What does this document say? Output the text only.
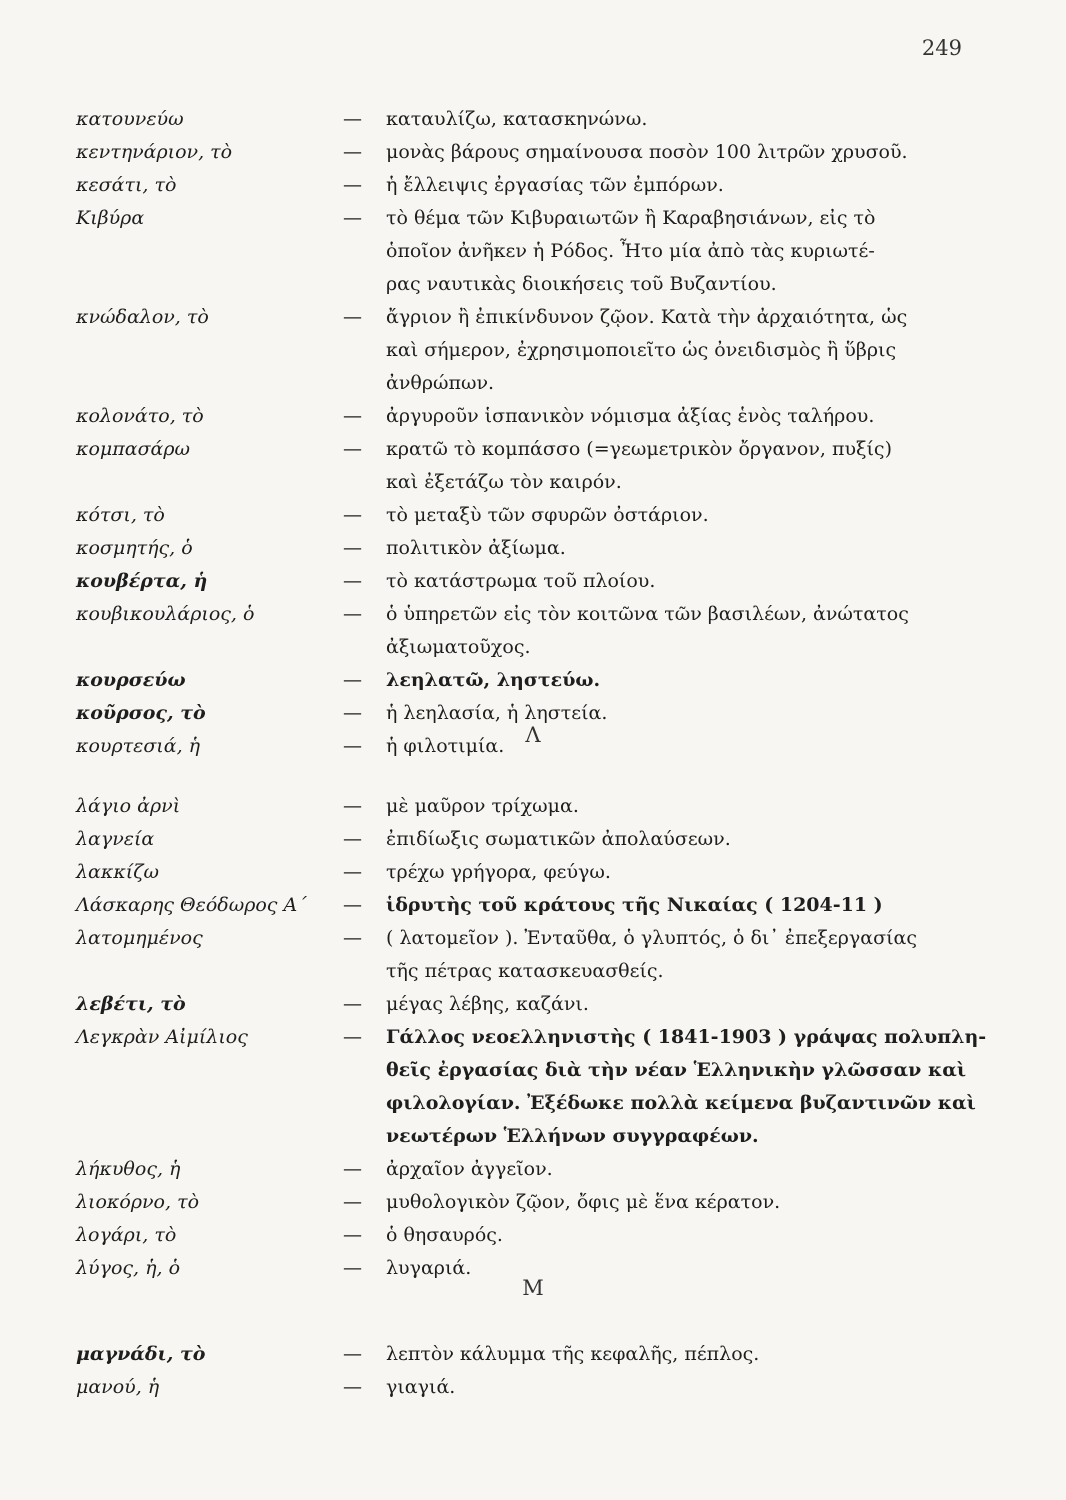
249
κατουνεύω	— καταυλίζω, κατασκηνώνω.
κεντηνάριον, τὸ	— μονὰς βάρους σημαίνουσα ποσὸν 100 λιτρῶν χρυσοῦ.
κεσάτι, τὸ	— ἡ ἔλλειψις ἐργασίας τῶν ἐμπόρων.
Κιβύρα	— τὸ θέμα τῶν Κιβυραιωτῶν ἢ Καραβησιάνων, εἰς τὸ
ὁποῖον ἀνῆκεν ἡ Ρόδος. Ἦτο μία ἀπὸ τὰς κυριωτέ-
ρας ναυτικὰς διοικήσεις τοῦ Βυζαντίου.
κνώδαλον, τὸ	— ἄγριον ἢ ἐπικίνδυνον ζῷον. Κατὰ τὴν ἀρχαιότητα, ὡς
καὶ σήμερον, ἐχρησιμοποιεῖτο ὡς ὀνειδισμὸς ἢ ὕβρις
ἀνθρώπων.
κολονάτο, τὸ	— ἀργυροῦν ἱσπανικὸν νόμισμα ἀξίας ἑνὸς ταλήρου.
κομπασάρω	— κρατῶ τὸ κομπάσσο (=γεωμετρικὸν ὄργανον, πυξίς)
καὶ ἐξετάζω τὸν καιρόν.
κότσι, τὸ	— τὸ μεταξὺ τῶν σφυρῶν ὀστάριον.
κοσμητής, ὁ	— πολιτικὸν ἀξίωμα.
κουβέρτα, ἡ	— τὸ κατάστρωμα τοῦ πλοίου.
κουβικουλάριος, ὁ	— ὁ ὑπηρετῶν εἰς τὸν κοιτῶνα τῶν βασιλέων, ἀνώτατος
ἀξιωματοῦχος.
κουρσεύω	— λεηλατῶ, ληστεύω.
κοῦρσος, τὸ	— ἡ λεηλασία, ἡ ληστεία.
κουρτεσιά, ἡ	— ἡ φιλοτιμία.	Λ
λάγιο ἀρνὶ	— μὲ μαῦρον τρίχωμα.
λαγνεία	— ἐπιδίωξις σωματικῶν ἀπολαύσεων.
λακκίζω	— τρέχω γρήγορα, φεύγω.
Λάσκαρης Θεόδωρος Α΄ — ἱδρυτὴς τοῦ κράτους τῆς Νικαίας ( 1204-11 )
λατομημένος	— ( λατομεῖον ). Ἐνταῦθα, ὁ γλυπτός, ὁ δι᾽ ἐπεξεργασίας
τῆς πέτρας κατασκευασθείς.
λεβέτι, τὸ	— μέγας λέβης, καζάνι.
Λεγκρὰν Αἰμίλιος	— Γάλλος νεοελληνιστὴς ( 1841-1903 ) γράψας πολυπλη-
θεῖς ἐργασίας διὰ τὴν νέαν Ἑλληνικὴν γλῶσσαν καὶ
φιλολογίαν. Ἐξέδωκε πολλὰ κείμενα βυζαντινῶν καὶ
νεωτέρων Ἑλλήνων συγγραφέων.
λήκυθος, ἡ	— ἀρχαῖον ἀγγεῖον.
λιοκόρνο, τὸ	— μυθολογικὸν ζῷον, ὄφις μὲ ἕνα κέρατον.
λογάρι, τὸ	— ὁ θησαυρός.
λύγος, ἡ, ὁ	— λυγαριά.
Μ
μαγνάδι, τὸ	— λεπτὸν κάλυμμα τῆς κεφαλῆς, πέπλος.
μανού, ἡ	— γιαγιά.
